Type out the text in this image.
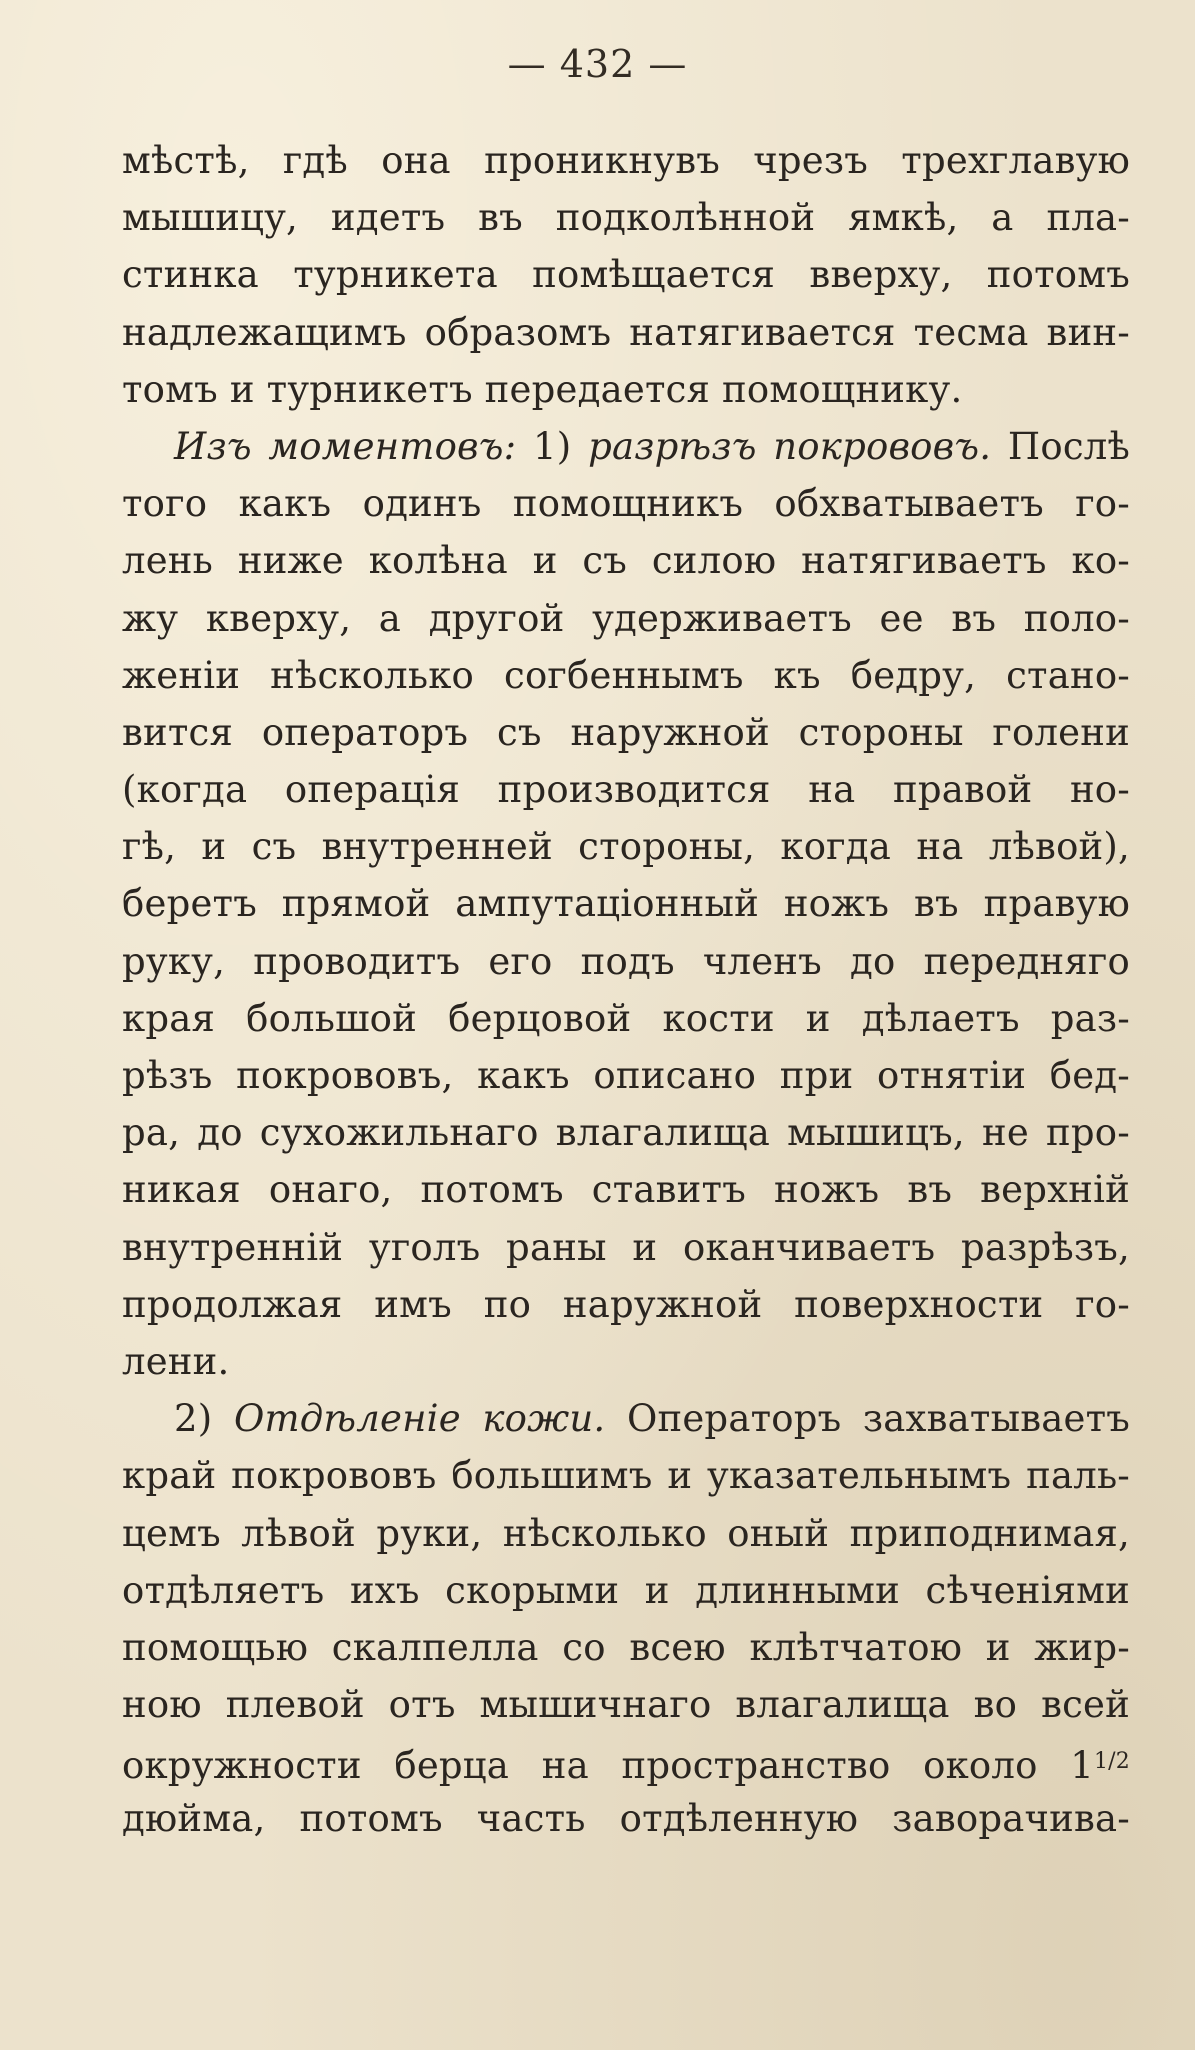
— 432 —
мѣстѣ, гдѣ она проникнувъ чрезъ трехглавую
мышицу, идетъ въ подколѣнной ямкѣ, а пла-
стинка турникета помѣщается вверху, потомъ
надлежащимъ образомъ натягивается тесма вин-
томъ и турникетъ передается помощнику.
Изъ моментовъ: 1) разрѣзъ покрововъ. Послѣ
того какъ одинъ помощникъ обхватываетъ го-
лень ниже колѣна и съ силою натягиваетъ ко-
жу кверху, а другой удерживаетъ ее въ поло-
женіи нѣсколько согбеннымъ къ бедру, стано-
вится операторъ съ наружной стороны голени
(когда операція производится на правой но-
гѣ, и съ внутренней стороны, когда на лѣвой),
беретъ прямой ампутаціонный ножъ въ правую
руку, проводитъ его подъ членъ до передняго
края большой берцовой кости и дѣлаетъ раз-
рѣзъ покрововъ, какъ описано при отнятіи бед-
ра, до сухожильнаго влагалища мышицъ, не про-
никая онаго, потомъ ставитъ ножъ въ верхній
внутренній уголъ раны и оканчиваетъ разрѣзъ,
продолжая имъ по наружной поверхности го-
лени.
2) Отдѣленіе кожи. Операторъ захватываетъ
край покрововъ большимъ и указательнымъ паль-
цемъ лѣвой руки, нѣсколько оный приподнимая,
отдѣляетъ ихъ скорыми и длинными сѣченіями
помощью скалпелла со всею клѣтчатою и жир-
ною плевой отъ мышичнаго влагалища во всей
окружности берца на пространство около $1^{1/2}$
дюйма, потомъ часть отдѣленную заворачива-
